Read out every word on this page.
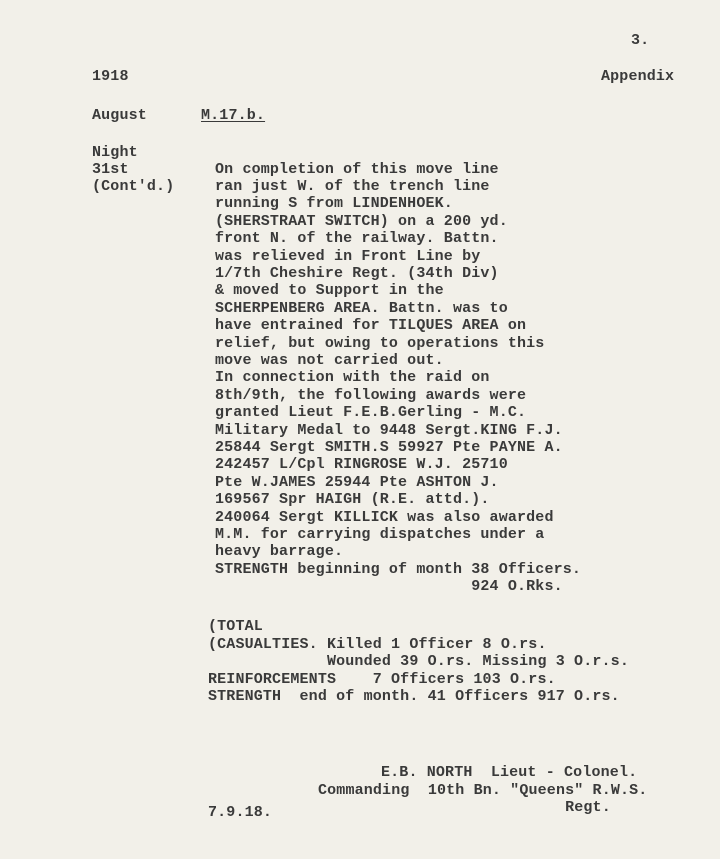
3.
1918	Appendix
August	M.17.b.
Night
31st
(Cont'd.)
On completion of this move line
ran just W. of the trench line
running S from LINDENHOEK.
(SHERSTRAAT SWITCH) on a 200 yd.
front N. of the railway. Battn.
was relieved in Front Line by
1/7th Cheshire Regt. (34th Div)
& moved to Support in the
SCHERPENBERG AREA. Battn. was to
have entrained for TILQUES AREA on
relief, but owing to operations this
move was not carried out.
In connection with the raid on
8th/9th, the following awards were
granted Lieut F.E.B.Gerling - M.C.
Military Medal to 9448 Sergt.KING F.J.
25844 Sergt SMITH.S 59927 Pte PAYNE A.
242457 L/Cpl RINGROSE W.J. 25710
Pte W.JAMES 25944 Pte ASHTON J.
169567 Spr HAIGH (R.E. attd.).
240064 Sergt KILLICK was also awarded
M.M. for carrying dispatches under a
heavy barrage.
STRENGTH beginning of month 38 Officers.
924 O.Rks.
(TOTAL
(CASUALTIES. Killed 1 Officer 8 O.rs.
Wounded 39 O.rs. Missing 3 O.r.s.
REINFORCEMENTS    7 Officers 103 O.rs.
STRENGTH  end of month. 41 Officers 917 O.rs.
E.B. NORTH  Lieut - Colonel.
Commanding  10th Bn. "Queens" R.W.S.
Regt.
7.9.18.
